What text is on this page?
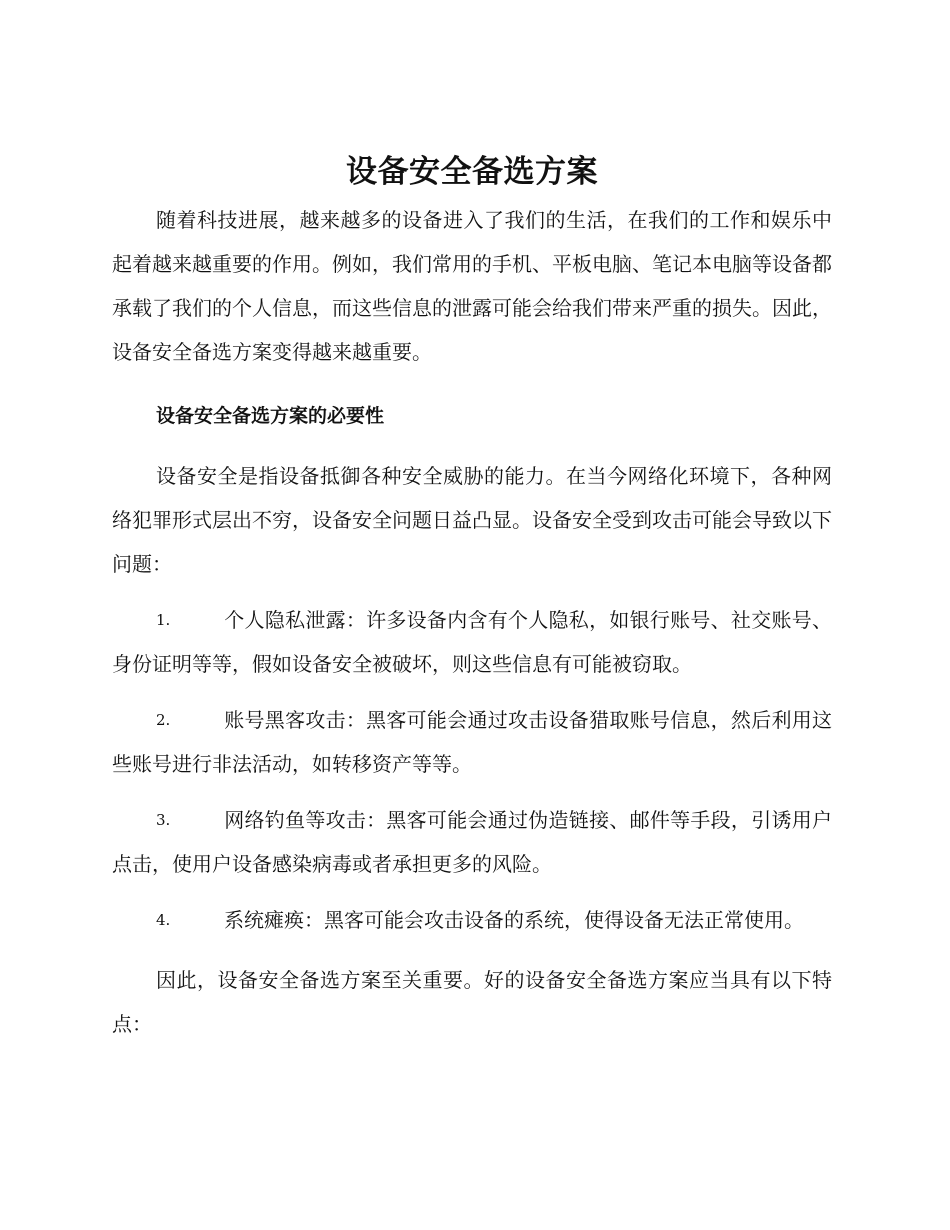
设备安全备选方案

随着科技进展，越来越多的设备进入了我们的生活，在我们的工作和娱乐中起着越来越重要的作用。例如，我们常用的手机、平板电脑、笔记本电脑等设备都承载了我们的个人信息，而这些信息的泄露可能会给我们带来严重的损失。因此，设备安全备选方案变得越来越重要。

设备安全备选方案的必要性

设备安全是指设备抵御各种安全威胁的能力。在当今网络化环境下，各种网络犯罪形式层出不穷，设备安全问题日益凸显。设备安全受到攻击可能会导致以下问题：

1.	个人隐私泄露：许多设备内含有个人隐私，如银行账号、社交账号、身份证明等等，假如设备安全被破坏，则这些信息有可能被窃取。
2.	账号黑客攻击：黑客可能会通过攻击设备猎取账号信息，然后利用这些账号进行非法活动，如转移资产等等。
3.	网络钓鱼等攻击：黑客可能会通过伪造链接、邮件等手段，引诱用户点击，使用户设备感染病毒或者承担更多的风险。
4.	系统瘫痪：黑客可能会攻击设备的系统，使得设备无法正常使用。

因此，设备安全备选方案至关重要。好的设备安全备选方案应当具有以下特点：
